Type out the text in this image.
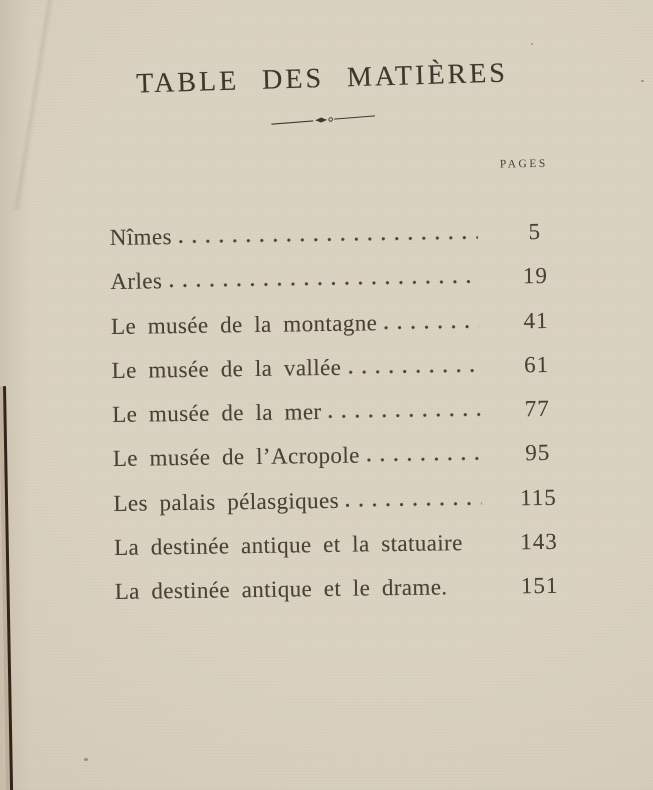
TABLE DES MATIÈRES
PAGES
Nîmes	5
Arles	19
Le musée de la montagne	41
Le musée de la vallée	61
Le musée de la mer	77
Le musée de l’Acropole	95
Les palais pélasgiques	115
La destinée antique et la statuaire	143
La destinée antique et le drame.	151
